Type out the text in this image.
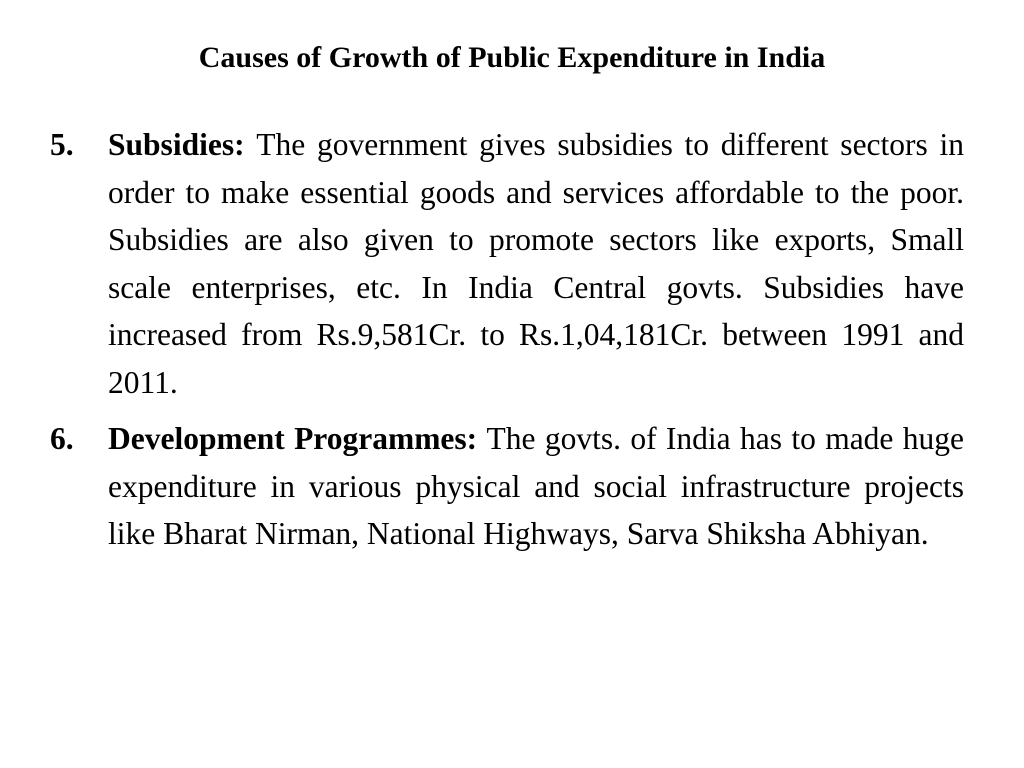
Causes of Growth of Public Expenditure in India
5. Subsidies: The government gives subsidies to different sectors in order to make essential goods and services affordable to the poor. Subsidies are also given to promote sectors like exports, Small scale enterprises, etc. In India Central govts. Subsidies have increased from Rs.9,581Cr. to Rs.1,04,181Cr. between 1991 and 2011.
6. Development Programmes: The govts. of India has to made huge expenditure in various physical and social infrastructure projects like Bharat Nirman, National Highways, Sarva Shiksha Abhiyan.
